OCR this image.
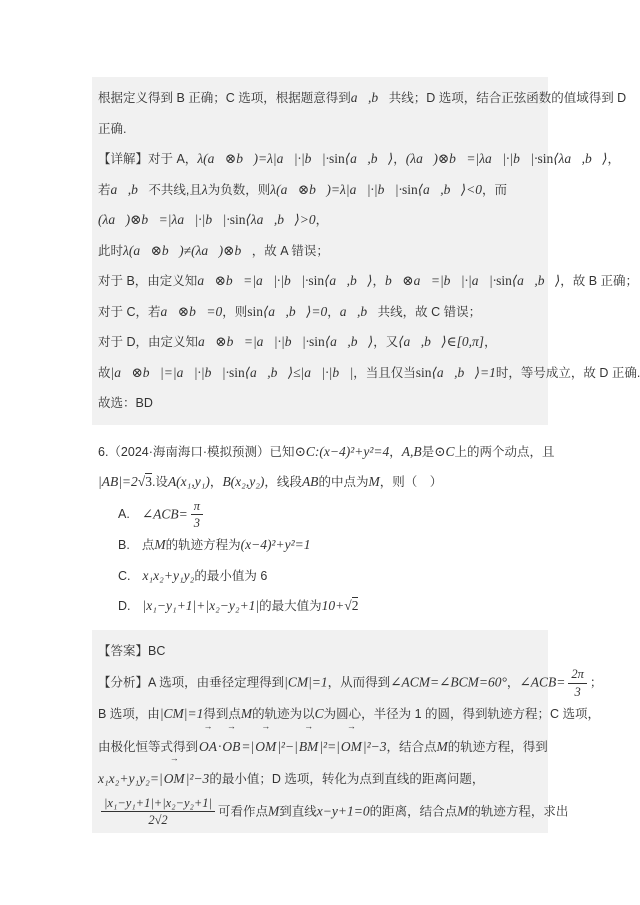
根据定义得到 B 正确；C 选项，根据题意得到a⃗,b⃗共线；D 选项，结合正弦函数的值域得到 D
正确.
【详解】对于 A，λ(a⃗⊗b⃗)=λ|a⃗|·|b⃗|·sin⟨a⃗,b⃗⟩，(λa⃗)⊗b⃗=|λa⃗|·|b⃗|·sin⟨λa⃗,b⃗⟩，
若a⃗,b⃗不共线,且λ为负数，则λ(a⃗⊗b⃗)=λ|a⃗|·|b⃗|·sin⟨a⃗,b⃗⟩<0，而
(λa⃗)⊗b⃗=|λa⃗|·|b⃗|·sin⟨λa⃗,b⃗⟩>0，
此时λ(a⃗⊗b⃗)≠(λa⃗)⊗b⃗，故 A 错误；
对于 B，由定义知a⃗⊗b⃗=|a⃗|·|b⃗|·sin⟨a⃗,b⃗⟩，b⃗⊗a⃗=|b⃗|·|a⃗|·sin⟨a⃗,b⃗⟩，故 B 正确；
对于 C，若a⃗⊗b⃗=0，则sin⟨a⃗,b⃗⟩=0，a⃗,b⃗共线，故 C 错误；
对于 D，由定义知a⃗⊗b⃗=|a⃗|·|b⃗|·sin⟨a⃗,b⃗⟩，又⟨a⃗,b⃗⟩∈[0,π]，
故|a⃗⊗b⃗|=|a⃗|·|b⃗|·sin⟨a⃗,b⃗⟩≤|a⃗|·|b⃗|，当且仅当sin⟨a⃗,b⃗⟩=1时，等号成立，故 D 正确.
故选：BD
6.（2024·海南海口·模拟预测）已知⊙C:(x−4)²+y²=4，A,B是⊙C上的两个动点，且
|AB|=2√3.设A(x₁,y₁)，B(x₂,y₂)，线段AB的中点为M，则（　）
A. ∠ACB= $\frac{\pi}{3}$
B. 点M的轨迹方程为(x−4)²+y²=1
C. x₁x₂+y₁y₂的最小值为 6
D. |x₁−y₁+1|+|x₂−y₂+1|的最大值为10+√2
【答案】BC
【分析】A 选项，由垂径定理得到|CM|=1，从而得到∠ACM=∠BCM=60°，∠ACB= $\frac{2\pi}{3}$ ；
B 选项，由|CM|=1得到点M的轨迹为以C为圆心，半径为 1 的圆，得到轨迹方程；C 选项，
由极化恒等式得到OA →·OB →=|OM →|²−|BM →|²=|OM →|²−3，结合点M的轨迹方程，得到
x₁x₂+y₁y₂=|OM →|²−3的最小值；D 选项，转化为点到直线的距离问题，
$\frac{\text{|x₁−y₁+1|+|x₂−y₂+1|}}{2√2}$ 可看作点M到直线x−y+1=0的距离，结合点M的轨迹方程，求出
